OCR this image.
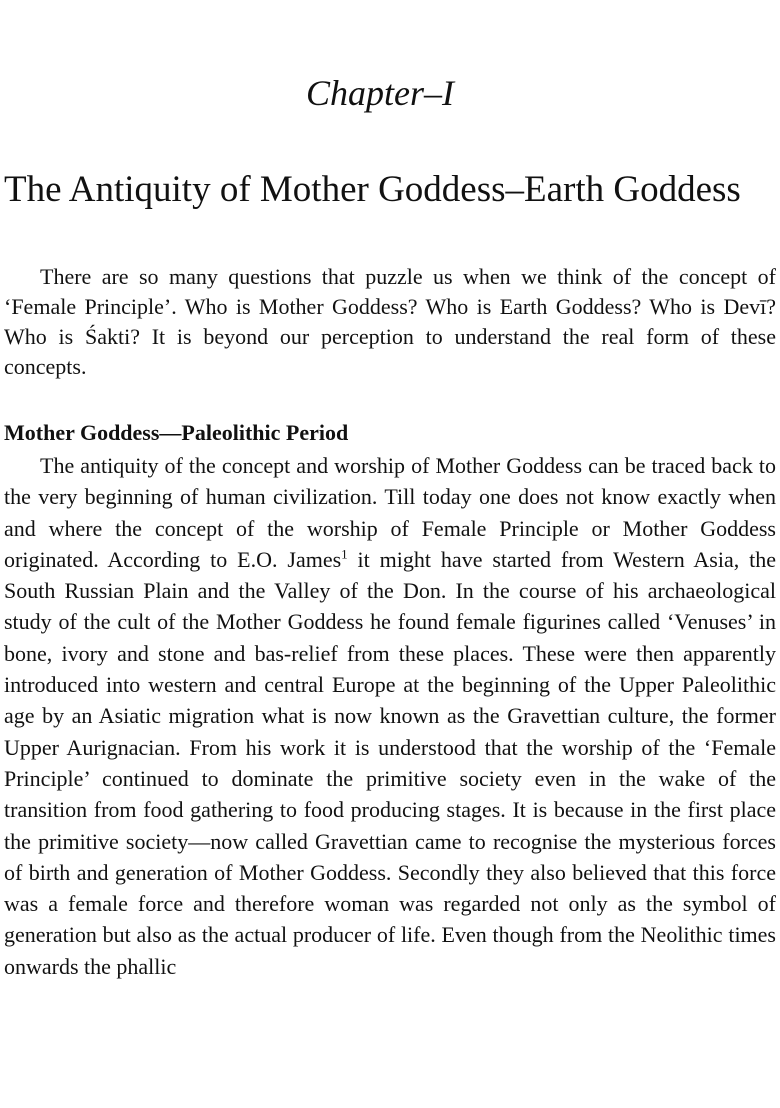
Chapter–I
The Antiquity of Mother Goddess–Earth Goddess

There are so many questions that puzzle us when we think of the concept of ‘Female Principle’. Who is Mother Goddess? Who is Earth Goddess? Who is Devī? Who is Śakti? It is beyond our perception to understand the real form of these concepts.

Mother Goddess—Paleolithic Period

The antiquity of the concept and worship of Mother Goddess can be traced back to the very beginning of human civilization. Till today one does not know exactly when and where the concept of the worship of Female Principle or Mother Goddess originated. According to E.O. James$^1$ it might have started from Western Asia, the South Russian Plain and the Valley of the Don. In the course of his archaeological study of the cult of the Mother Goddess he found female figurines called ‘Venuses’ in bone, ivory and stone and bas-relief from these places. These were then apparently introduced into western and central Europe at the beginning of the Upper Paleolithic age by an Asiatic migration what is now known as the Gravettian culture, the former Upper Aurignacian. From his work it is understood that the worship of the ‘Female Principle’ continued to dominate the primitive society even in the wake of the transition from food gathering to food producing stages. It is because in the first place the primitive society—now called Gravettian came to recognise the mysterious forces of birth and generation of Mother Goddess. Secondly they also believed that this force was a female force and therefore woman was regarded not only as the symbol of generation but also as the actual producer of life. Even though from the Neolithic times onwards the phallic
